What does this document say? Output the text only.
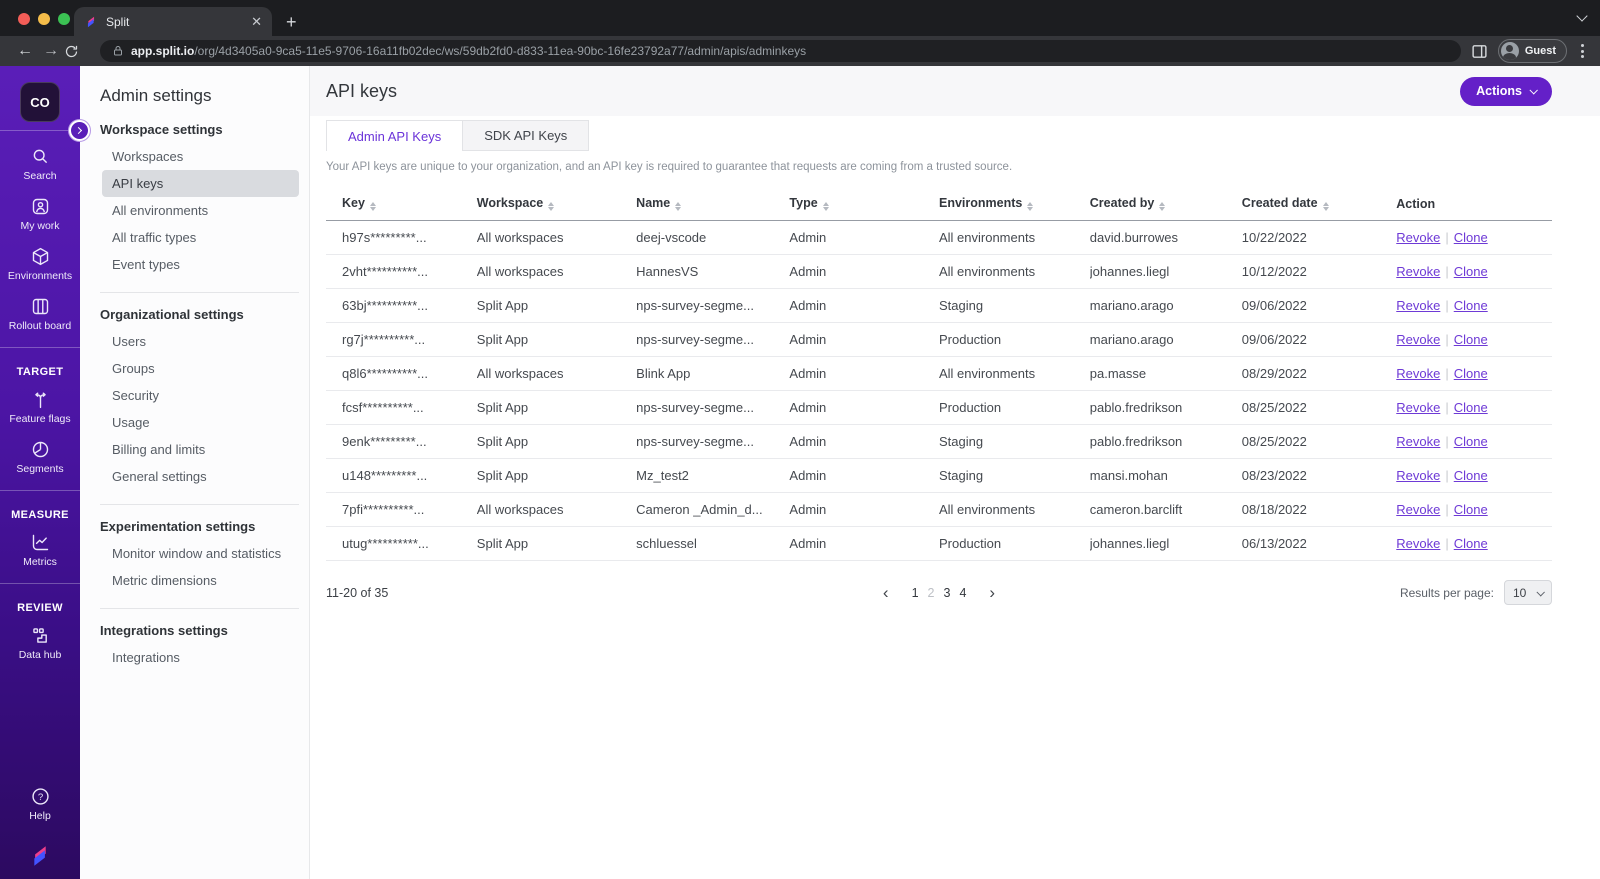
Split	✕ +
← →	app.split.io/org/4d3405a0-9ca5-11e5-9706-16a11fb02dec/ws/59db2fd0-d833-11ea-90bc-16fe23792a77/admin/apis/adminkeys	Guest
CO
Search
My work
Environments
Rollout board
TARGET
Feature flags
Segments
MEASURE
Metrics
REVIEW
Data hub
?
Help
Admin settings
Workspace settings
Workspaces
API keys
All environments
All traffic types
Event types
Organizational settings
Users
Groups
Security
Usage
Billing and limits
General settings
Experimentation settings
Monitor window and statistics
Metric dimensions
Integrations settings
Integrations
API keys	Actions
Admin API Keys	SDK API Keys
Your API keys are unique to your organization, and an API key is required to guarantee that requests are coming from a trusted source.
Key	Workspace	Name	Type	Environments	Created by	Created date	Action
h97s*********...	All workspaces	deej-vscode	Admin	All environments	david.burrowes	10/22/2022	Revoke | Clone
2vht**********...	All workspaces	HannesVS	Admin	All environments	johannes.liegl	10/12/2022	Revoke | Clone
63bj**********...	Split App	nps-survey-segme...	Admin	Staging	mariano.arago	09/06/2022	Revoke | Clone
rg7j**********...	Split App	nps-survey-segme...	Admin	Production	mariano.arago	09/06/2022	Revoke | Clone
q8l6**********...	All workspaces	Blink App	Admin	All environments	pa.masse	08/29/2022	Revoke | Clone
fcsf**********...	Split App	nps-survey-segme...	Admin	Production	pablo.fredrikson	08/25/2022	Revoke | Clone
9enk*********...	Split App	nps-survey-segme...	Admin	Staging	pablo.fredrikson	08/25/2022	Revoke | Clone
u148*********...	Split App	Mz_test2	Admin	Staging	mansi.mohan	08/23/2022	Revoke | Clone
7pfi**********...	All workspaces	Cameron _Admin_d...	Admin	All environments	cameron.barclift	08/18/2022	Revoke | Clone
utug**********...	Split App	schluessel	Admin	Production	johannes.liegl	06/13/2022	Revoke | Clone
11-20 of 35	‹	1 2 3 4	›	Results per page: 10
